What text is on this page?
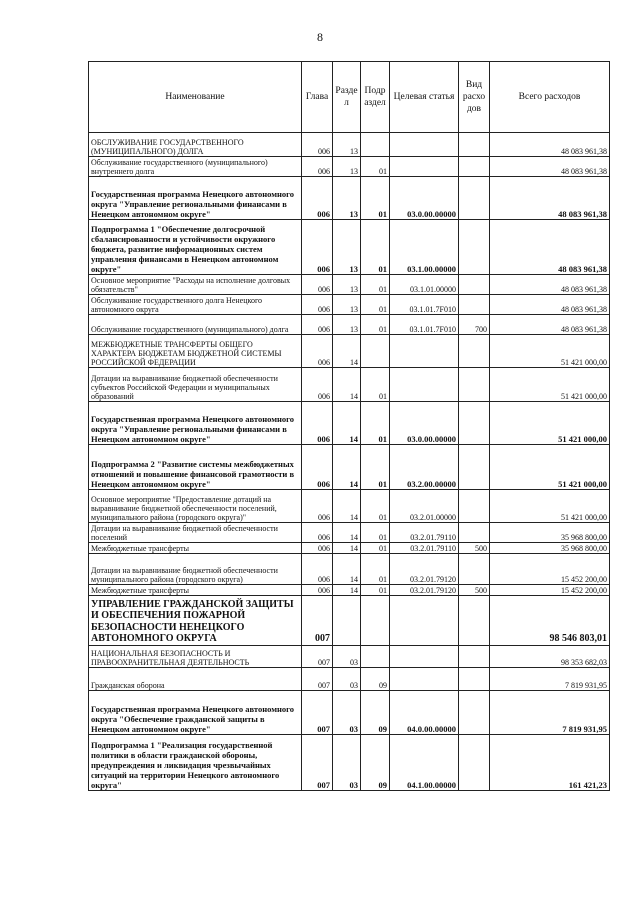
8
Наименование	Глава	Разде л	Подр аздел	Целевая статья	Вид расхо дов	Всего расходов
ОБСЛУЖИВАНИЕ ГОСУДАРСТВЕННОГО (МУНИЦИПАЛЬНОГО) ДОЛГА	006	13				48 083 961,38
Обслуживание государственного (муниципального) внутреннего долга	006	13	01			48 083 961,38
Государственная программа Ненецкого автономного округа "Управление региональными финансами в Ненецком автономном округе"	006	13	01	03.0.00.00000		48 083 961,38
Подпрограмма 1 "Обеспечение долгосрочной сбалансированности и устойчивости окружного бюджета, развитие информационных систем управления финансами в Ненецком автономном округе"	006	13	01	03.1.00.00000		48 083 961,38
Основное мероприятие "Расходы на исполнение долговых обязательств"	006	13	01	03.1.01.00000		48 083 961,38
Обслуживание государственного долга Ненецкого автономного округа	006	13	01	03.1.01.7F010		48 083 961,38
Обслуживание государственного (муниципального) долга	006	13	01	03.1.01.7F010	700	48 083 961,38
МЕЖБЮДЖЕТНЫЕ ТРАНСФЕРТЫ ОБЩЕГО ХАРАКТЕРА БЮДЖЕТАМ БЮДЖЕТНОЙ СИСТЕМЫ РОССИЙСКОЙ ФЕДЕРАЦИИ	006	14				51 421 000,00
Дотации на выравнивание бюджетной обеспеченности субъектов Российской Федерации и муниципальных образований	006	14	01			51 421 000,00
Государственная программа Ненецкого автономного округа "Управление региональными финансами в Ненецком автономном округе"	006	14	01	03.0.00.00000		51 421 000,00
Подпрограмма 2 "Развитие системы межбюджетных отношений и повышение финансовой грамотности в Ненецком автономном округе"	006	14	01	03.2.00.00000		51 421 000,00
Основное мероприятие "Предоставление дотаций на выравнивание бюджетной обеспеченности поселений, муниципального района (городского округа)"	006	14	01	03.2.01.00000		51 421 000,00
Дотации на выравнивание бюджетной обеспеченности поселений	006	14	01	03.2.01.79110		35 968 800,00
Межбюджетные трансферты	006	14	01	03.2.01.79110	500	35 968 800,00
Дотации на выравнивание бюджетной обеспеченности муниципального района (городского округа)	006	14	01	03.2.01.79120		15 452 200,00
Межбюджетные трансферты	006	14	01	03.2.01.79120	500	15 452 200,00
УПРАВЛЕНИЕ ГРАЖДАНСКОЙ ЗАЩИТЫ И ОБЕСПЕЧЕНИЯ ПОЖАРНОЙ БЕЗОПАСНОСТИ НЕНЕЦКОГО АВТОНОМНОГО ОКРУГА	007					98 546 803,01
НАЦИОНАЛЬНАЯ БЕЗОПАСНОСТЬ И ПРАВООХРАНИТЕЛЬНАЯ ДЕЯТЕЛЬНОСТЬ	007	03				98 353 682,03
Гражданская оборона	007	03	09			7 819 931,95
Государственная программа Ненецкого автономного округа "Обеспечение гражданской защиты в Ненецком автономном округе"	007	03	09	04.0.00.00000		7 819 931,95
Подпрограмма 1 "Реализация государственной политики в области гражданской обороны, предупреждения и ликвидация чрезвычайных ситуаций на территории Ненецкого автономного округа"	007	03	09	04.1.00.00000		161 421,23
